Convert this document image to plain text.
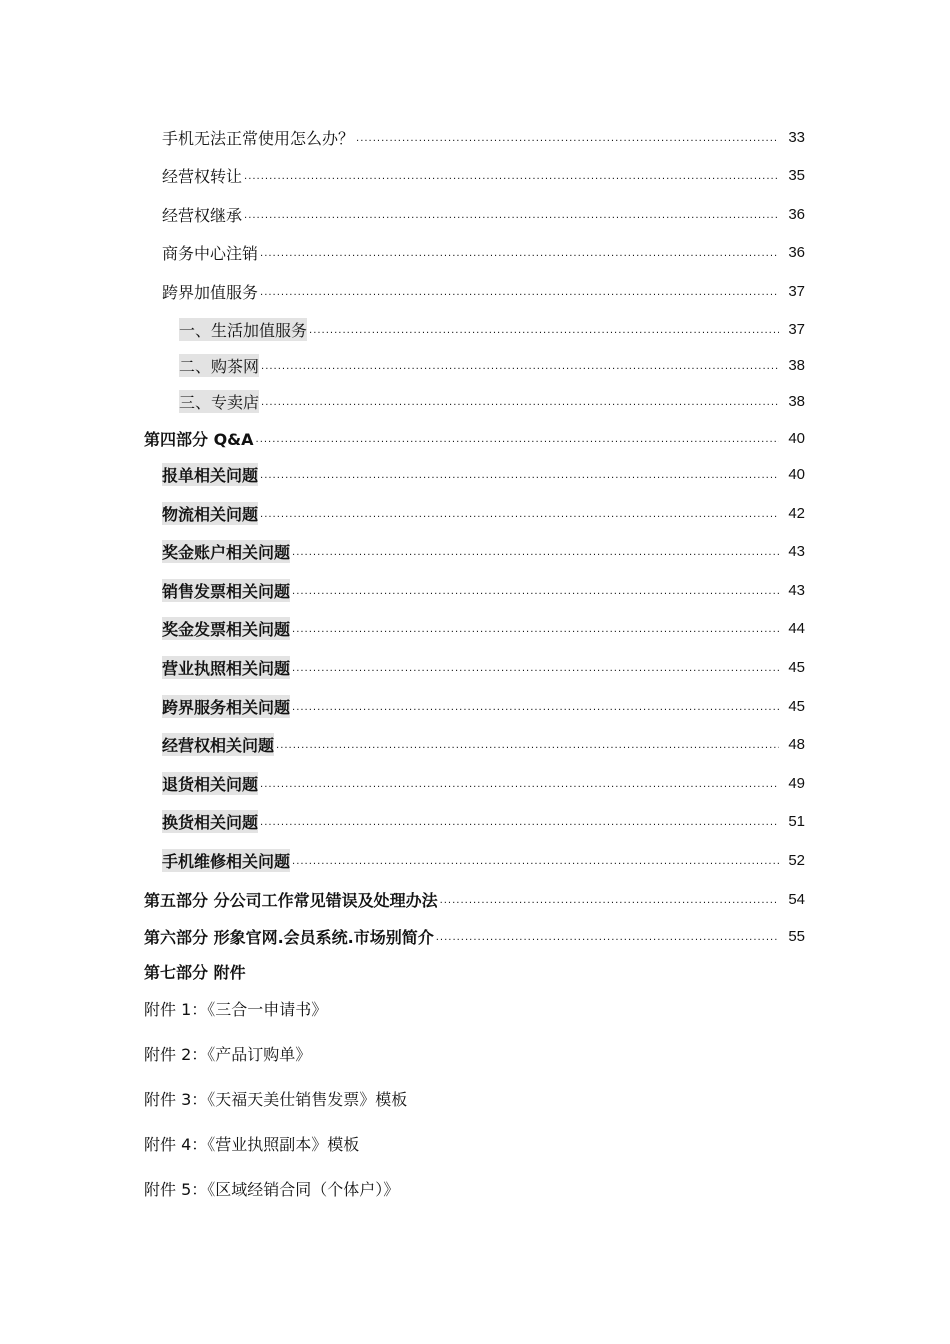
手机无法正常使用怎么办？ .....	33
经营权转让 .....	35
经营权继承 .....	36
商务中心注销 .....	36
跨界加值服务 .....	37
一、生活加值服务 .....	37
二、购茶网 .....	38
三、专卖店 .....	38
第四部分 Q&A .....	40
报单相关问题 .....	40
物流相关问题 .....	42
奖金账户相关问题 .....	43
销售发票相关问题 .....	43
奖金发票相关问题 .....	44
营业执照相关问题 .....	45
跨界服务相关问题 .....	45
经营权相关问题 .....	48
退货相关问题 .....	49
换货相关问题 .....	51
手机维修相关问题 .....	52
第五部分 分公司工作常见错误及处理办法 .....	54
第六部分 形象官网.会员系统.市场别简介 .....	55
第七部分 附件
附件 1：《三合一申请书》
附件 2：《产品订购单》
附件 3：《天福天美仕销售发票》模板
附件 4：《营业执照副本》模板
附件 5：《区域经销合同（个体户）》
